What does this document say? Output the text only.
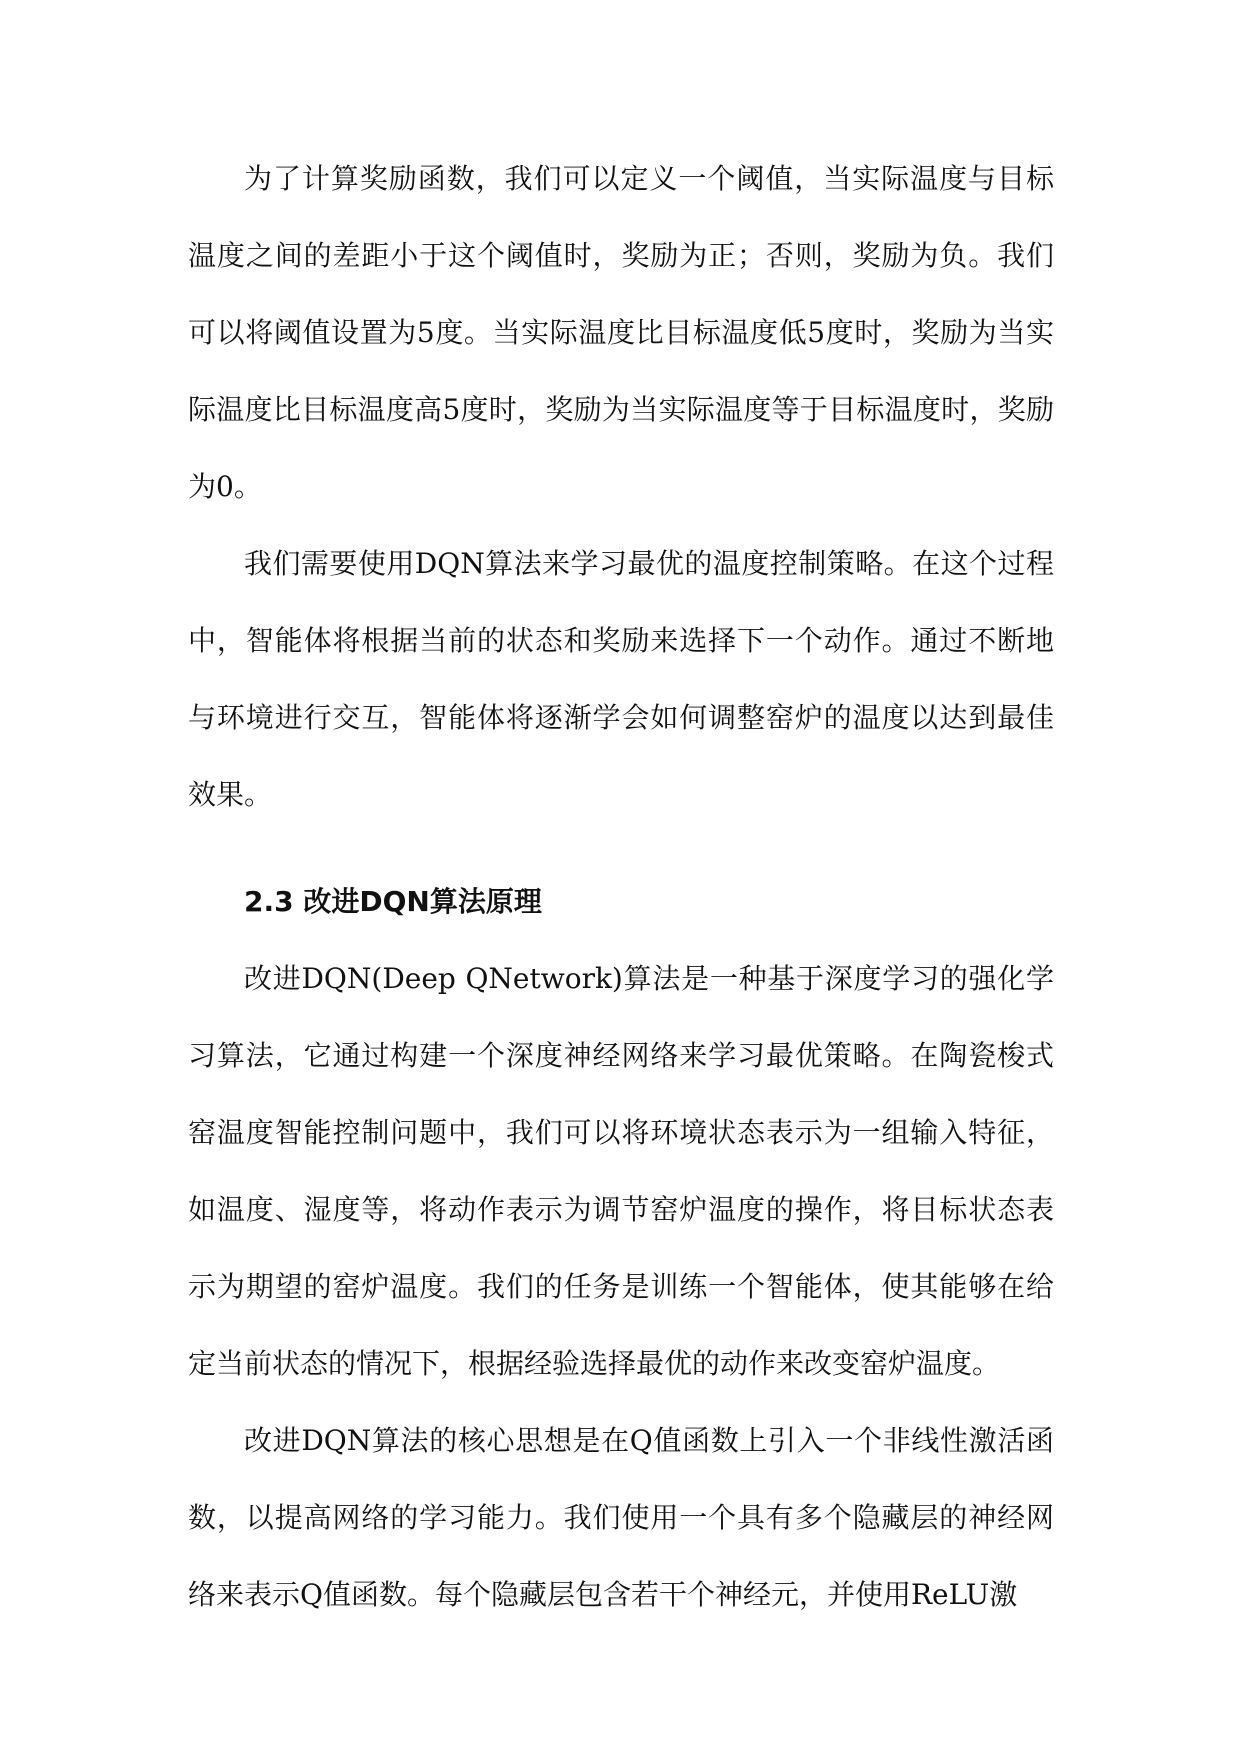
为了计算奖励函数，我们可以定义一个阈值，当实际温度与目标温度之间的差距小于这个阈值时，奖励为正；否则，奖励为负。我们可以将阈值设置为5度。当实际温度比目标温度低5度时，奖励为当实际温度比目标温度高5度时，奖励为当实际温度等于目标温度时，奖励为0。

我们需要使用DQN算法来学习最优的温度控制策略。在这个过程中，智能体将根据当前的状态和奖励来选择下一个动作。通过不断地与环境进行交互，智能体将逐渐学会如何调整窑炉的温度以达到最佳效果。

2.3 改进DQN算法原理

改进DQN(Deep QNetwork)算法是一种基于深度学习的强化学习算法，它通过构建一个深度神经网络来学习最优策略。在陶瓷梭式窑温度智能控制问题中，我们可以将环境状态表示为一组输入特征，如温度、湿度等，将动作表示为调节窑炉温度的操作，将目标状态表示为期望的窑炉温度。我们的任务是训练一个智能体，使其能够在给定当前状态的情况下，根据经验选择最优的动作来改变窑炉温度。

改进DQN算法的核心思想是在Q值函数上引入一个非线性激活函数，以提高网络的学习能力。我们使用一个具有多个隐藏层的神经网络来表示Q值函数。每个隐藏层包含若干个神经元，并使用ReLU激
